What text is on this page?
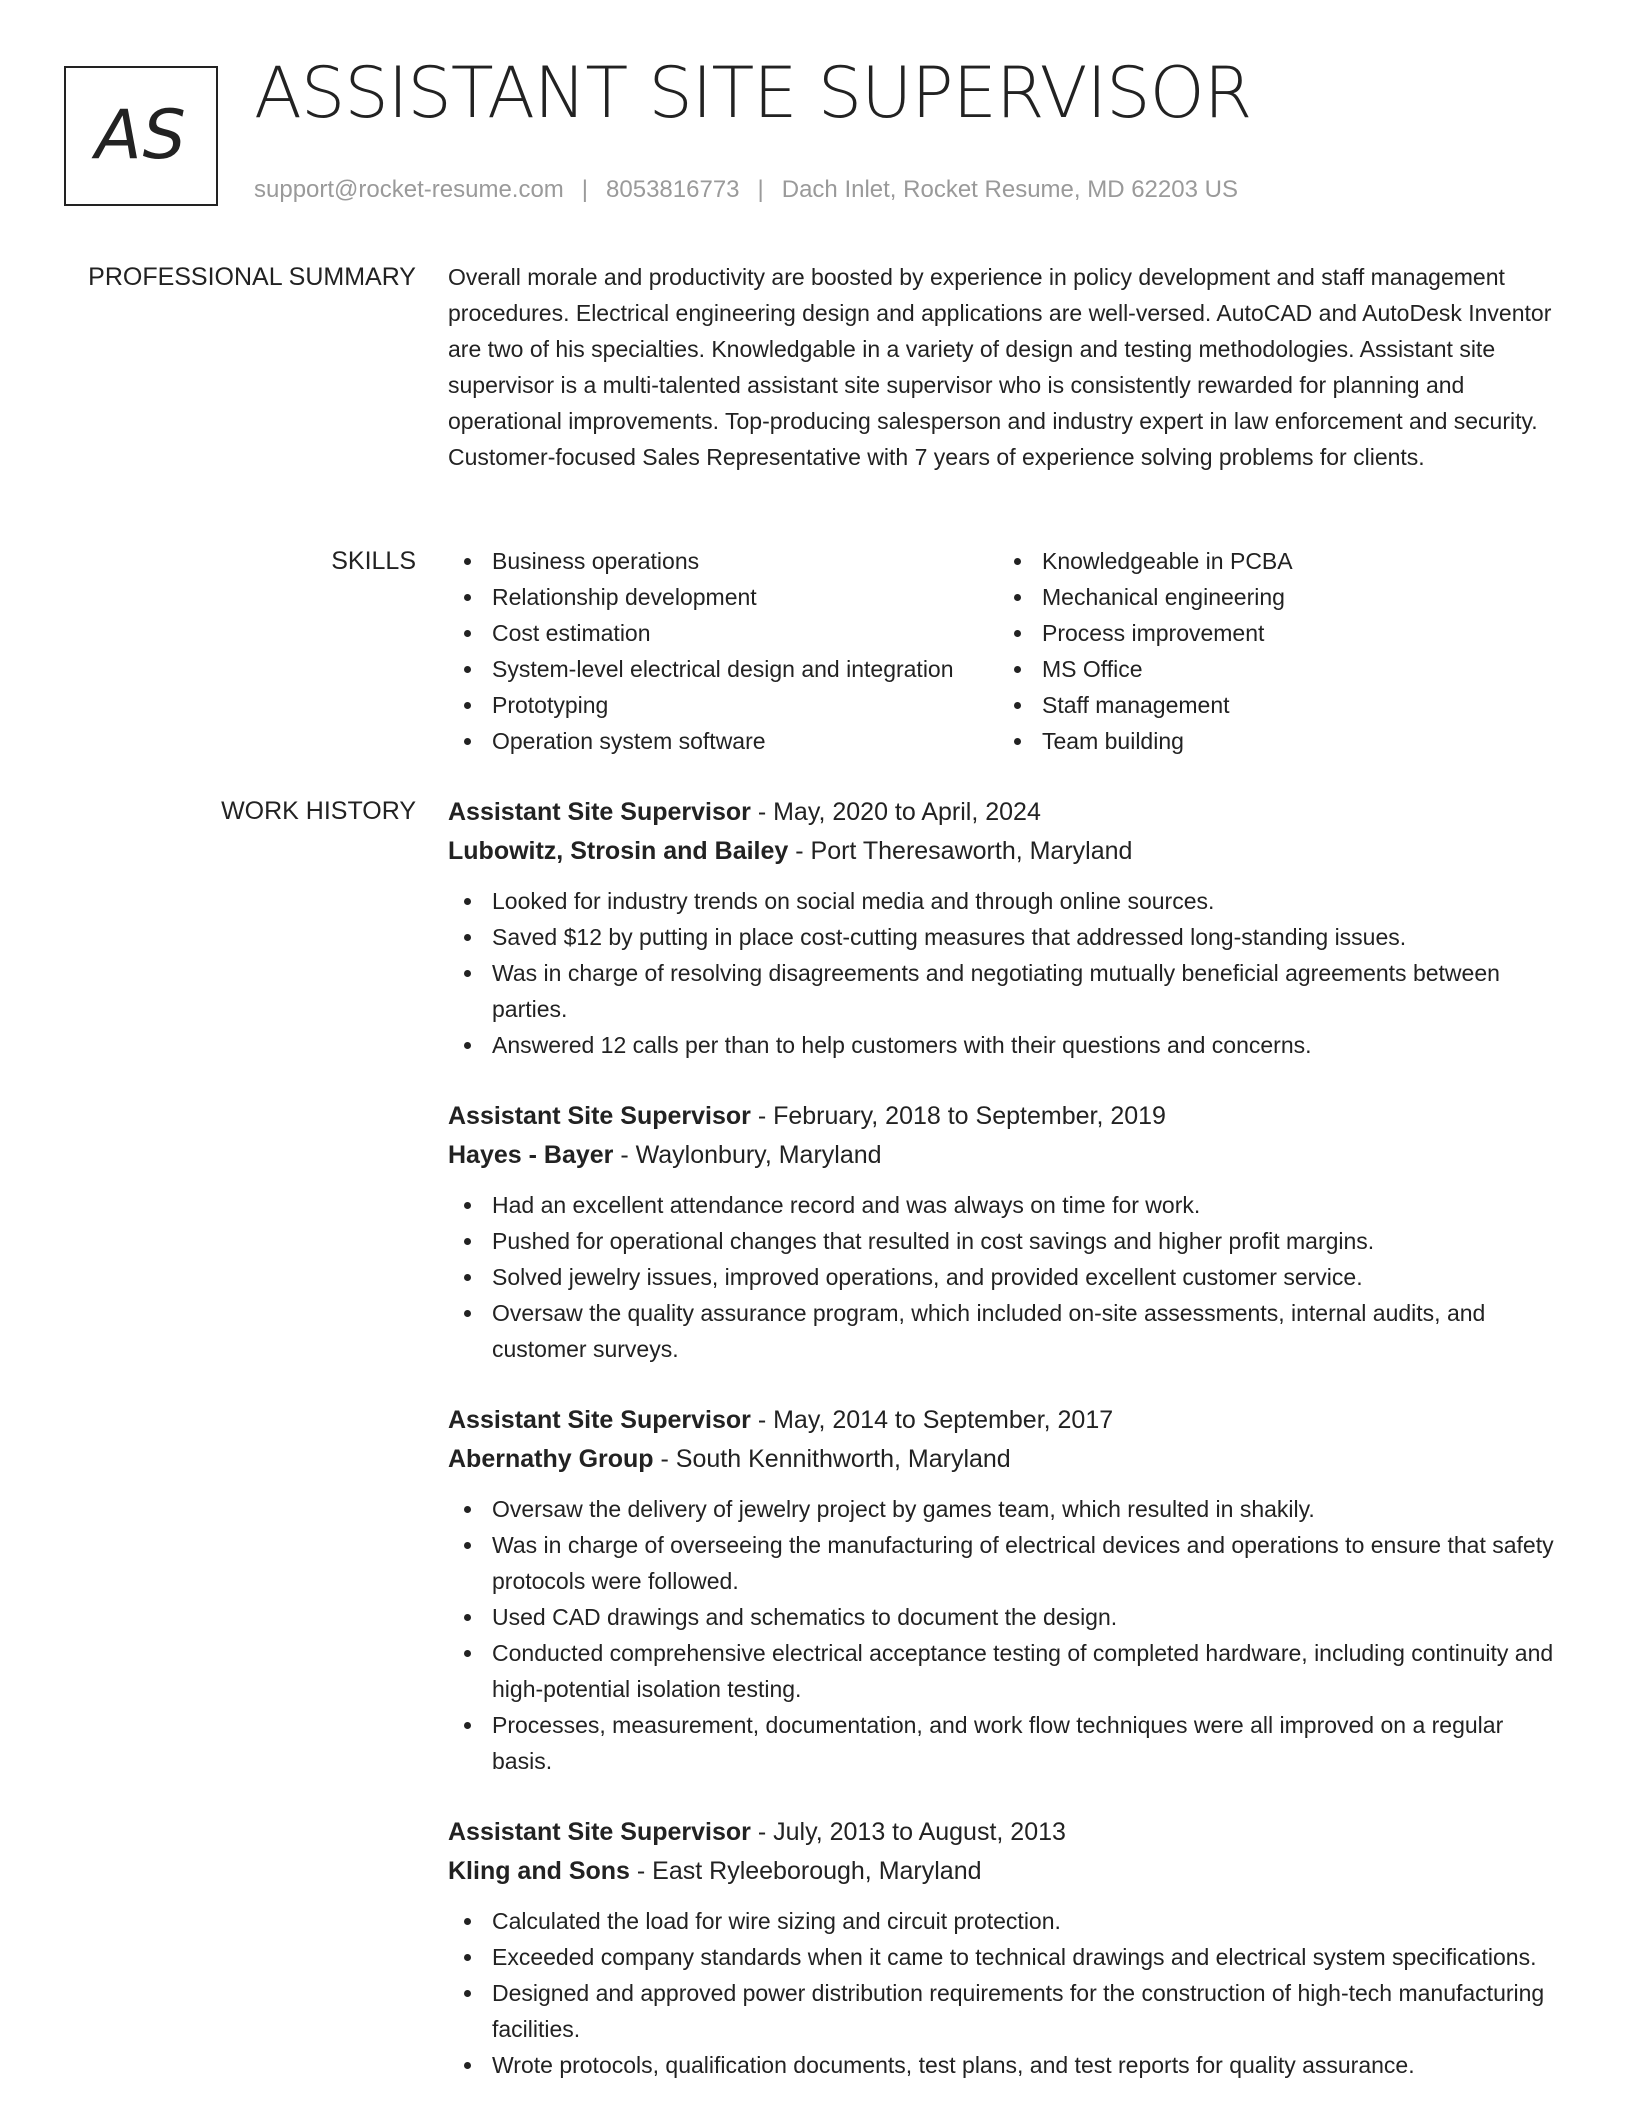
AS
ASSISTANT SITE SUPERVISOR
support@rocket-resume.com | 8053816773 | Dach Inlet, Rocket Resume, MD 62203 US
PROFESSIONAL SUMMARY Overall morale and productivity are boosted by experience in policy development and staff management procedures. Electrical engineering design and applications are well-versed. AutoCAD and AutoDesk Inventor are two of his specialties. Knowledgable in a variety of design and testing methodologies. Assistant site supervisor is a multi-talented assistant site supervisor who is consistently rewarded for planning and operational improvements. Top-producing salesperson and industry expert in law enforcement and security. Customer-focused Sales Representative with 7 years of experience solving problems for clients.

SKILLS	Business operations
Relationship development
Cost estimation
System-level electrical design and integration
Prototyping
Operation system software
Knowledgeable in PCBA
Mechanical engineering
Process improvement
MS Office
Staff management
Team building
WORK HISTORY Assistant Site Supervisor - May, 2020 to April, 2024
Lubowitz, Strosin and Bailey - Port Theresaworth, Maryland
Looked for industry trends on social media and through online sources.
Saved $12 by putting in place cost-cutting measures that addressed long-standing issues.
Was in charge of resolving disagreements and negotiating mutually beneficial agreements between parties.
Answered 12 calls per than to help customers with their questions and concerns.
Assistant Site Supervisor - February, 2018 to September, 2019
Hayes - Bayer - Waylonbury, Maryland
Had an excellent attendance record and was always on time for work.
Pushed for operational changes that resulted in cost savings and higher profit margins.
Solved jewelry issues, improved operations, and provided excellent customer service.
Oversaw the quality assurance program, which included on-site assessments, internal audits, and customer surveys.
Assistant Site Supervisor - May, 2014 to September, 2017
Abernathy Group - South Kennithworth, Maryland
Oversaw the delivery of jewelry project by games team, which resulted in shakily.
Was in charge of overseeing the manufacturing of electrical devices and operations to ensure that safety protocols were followed.
Used CAD drawings and schematics to document the design.
Conducted comprehensive electrical acceptance testing of completed hardware, including continuity and high-potential isolation testing.
Processes, measurement, documentation, and work flow techniques were all improved on a regular basis.
Assistant Site Supervisor - July, 2013 to August, 2013
Kling and Sons - East Ryleeborough, Maryland
Calculated the load for wire sizing and circuit protection.
Exceeded company standards when it came to technical drawings and electrical system specifications.
Designed and approved power distribution requirements for the construction of high-tech manufacturing facilities.
Wrote protocols, qualification documents, test plans, and test reports for quality assurance.
